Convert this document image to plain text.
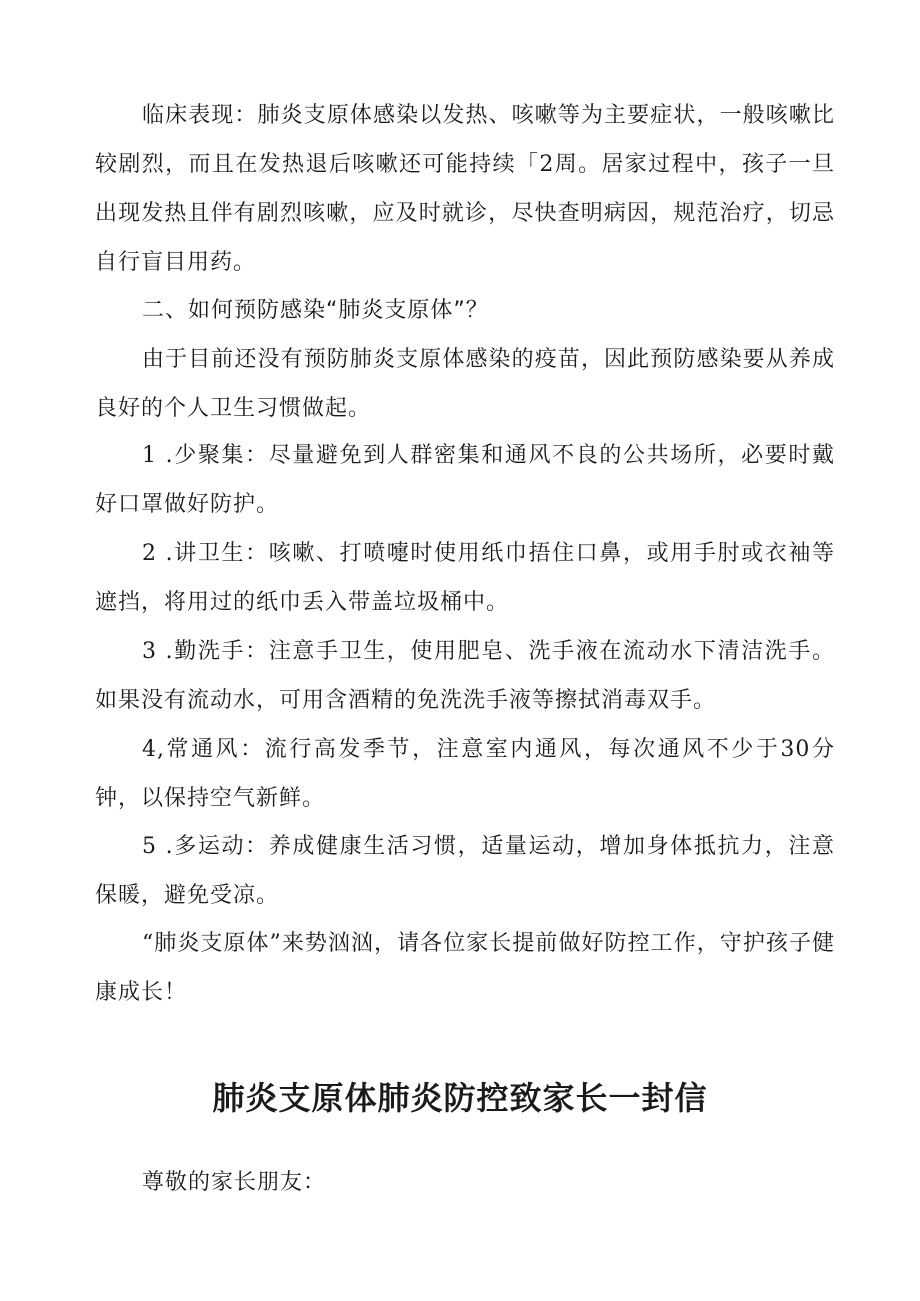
临床表现：肺炎支原体感染以发热、咳嗽等为主要症状，一般咳嗽比较剧烈，而且在发热退后咳嗽还可能持续「2周。居家过程中，孩子一旦出现发热且伴有剧烈咳嗽，应及时就诊，尽快查明病因，规范治疗，切忌自行盲目用药。

二、如何预防感染“肺炎支原体”？

由于目前还没有预防肺炎支原体感染的疫苗，因此预防感染要从养成良好的个人卫生习惯做起。

1 .少聚集：尽量避免到人群密集和通风不良的公共场所，必要时戴好口罩做好防护。

2 .讲卫生：咳嗽、打喷嚏时使用纸巾捂住口鼻，或用手肘或衣袖等遮挡，将用过的纸巾丢入带盖垃圾桶中。

3 .勤洗手：注意手卫生，使用肥皂、洗手液在流动水下清洁洗手。如果没有流动水，可用含酒精的免洗洗手液等擦拭消毒双手。

4,常通风：流行高发季节，注意室内通风，每次通风不少于30分钟，以保持空气新鲜。

5 .多运动：养成健康生活习惯，适量运动，增加身体抵抗力，注意保暖，避免受凉。

“肺炎支原体”来势汹汹，请各位家长提前做好防控工作，守护孩子健康成长！

肺炎支原体肺炎防控致家长一封信

尊敬的家长朋友：
